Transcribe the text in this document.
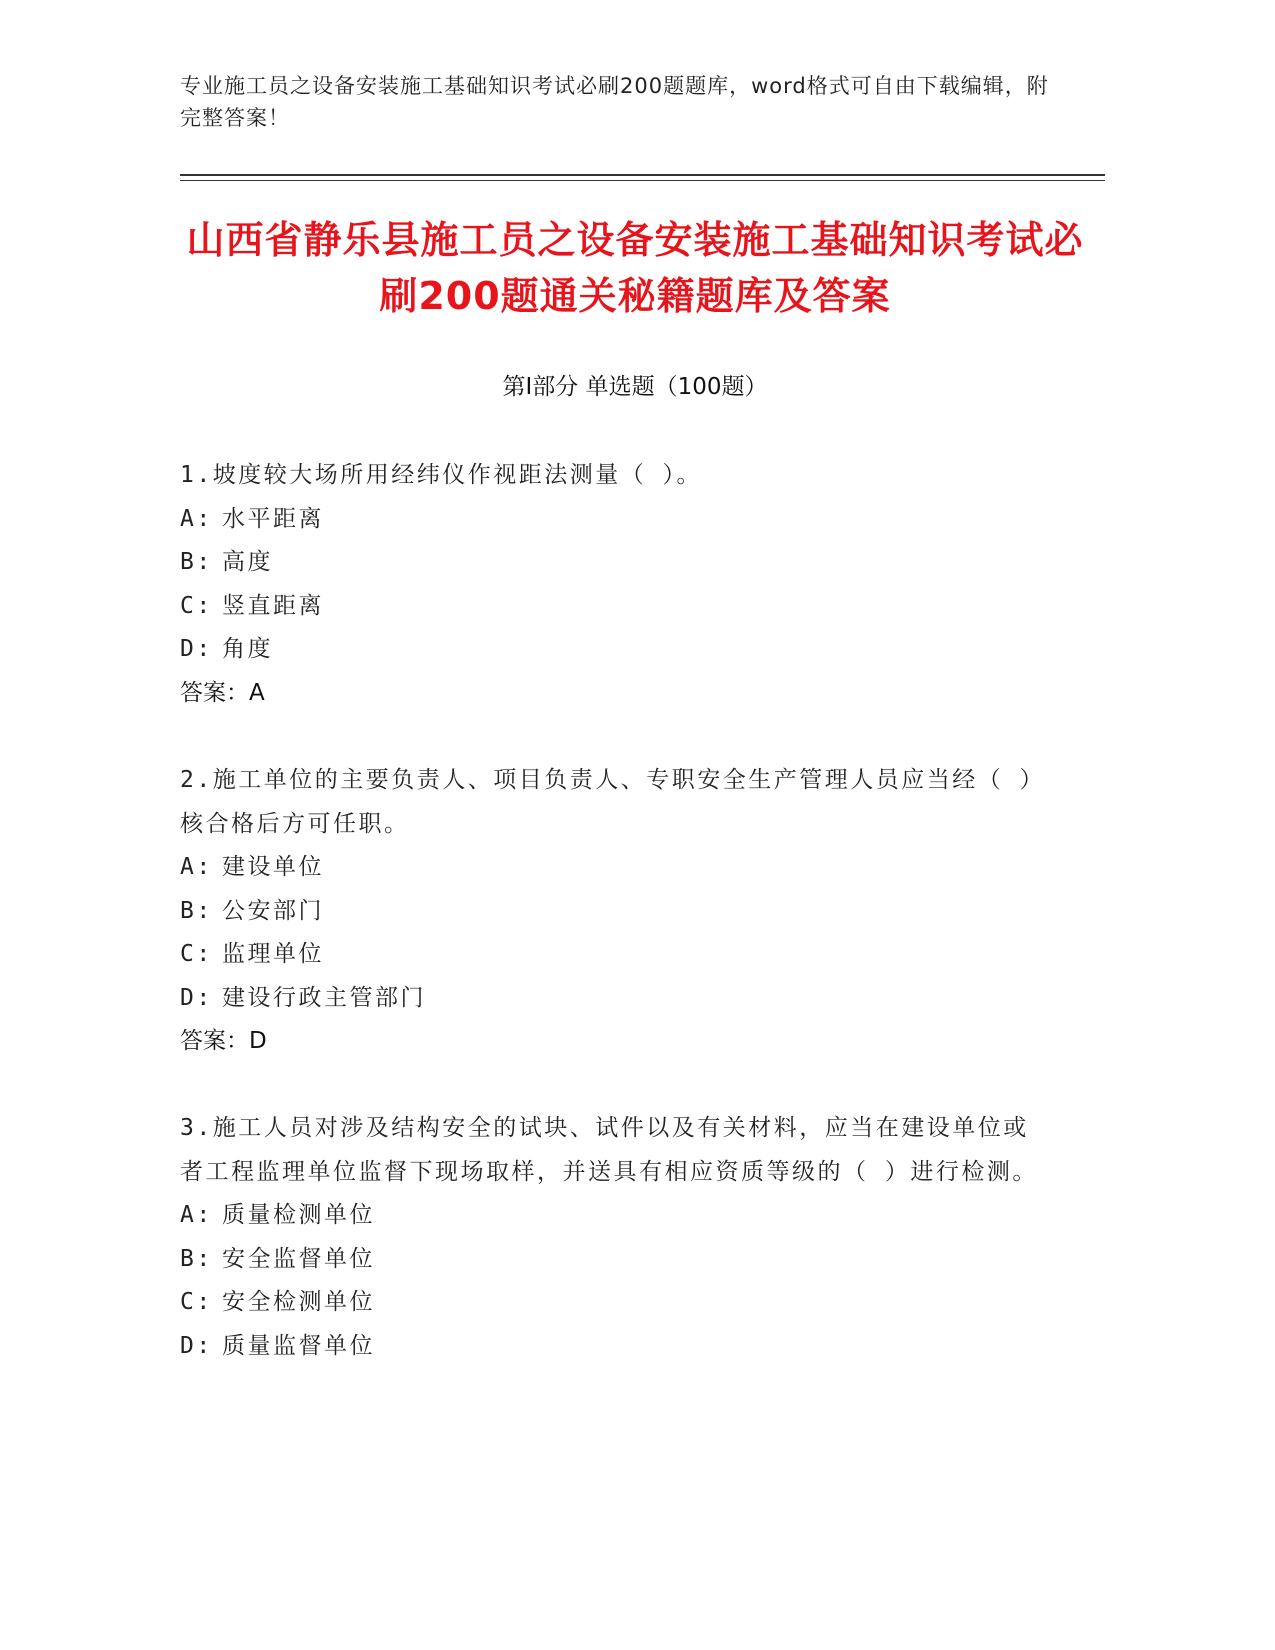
专业施工员之设备安装施工基础知识考试必刷200题题库，word格式可自由下载编辑，附完整答案！
山西省静乐县施工员之设备安装施工基础知识考试必刷200题通关秘籍题库及答案
第Ⅰ部分 单选题（100题）

1.坡度较大场所用经纬仪作视距法测量（ ）。

A: 水平距离

B: 高度

C: 竖直距离

D: 角度

答案：A

2.施工单位的主要负责人、项目负责人、专职安全生产管理人员应当经（ ）核合格后方可任职。

A: 建设单位

B: 公安部门

C: 监理单位

D: 建设行政主管部门

答案：D

3.施工人员对涉及结构安全的试块、试件以及有关材料，应当在建设单位或者工程监理单位监督下现场取样，并送具有相应资质等级的（ ）进行检测。

A: 质量检测单位

B: 安全监督单位

C: 安全检测单位

D: 质量监督单位
